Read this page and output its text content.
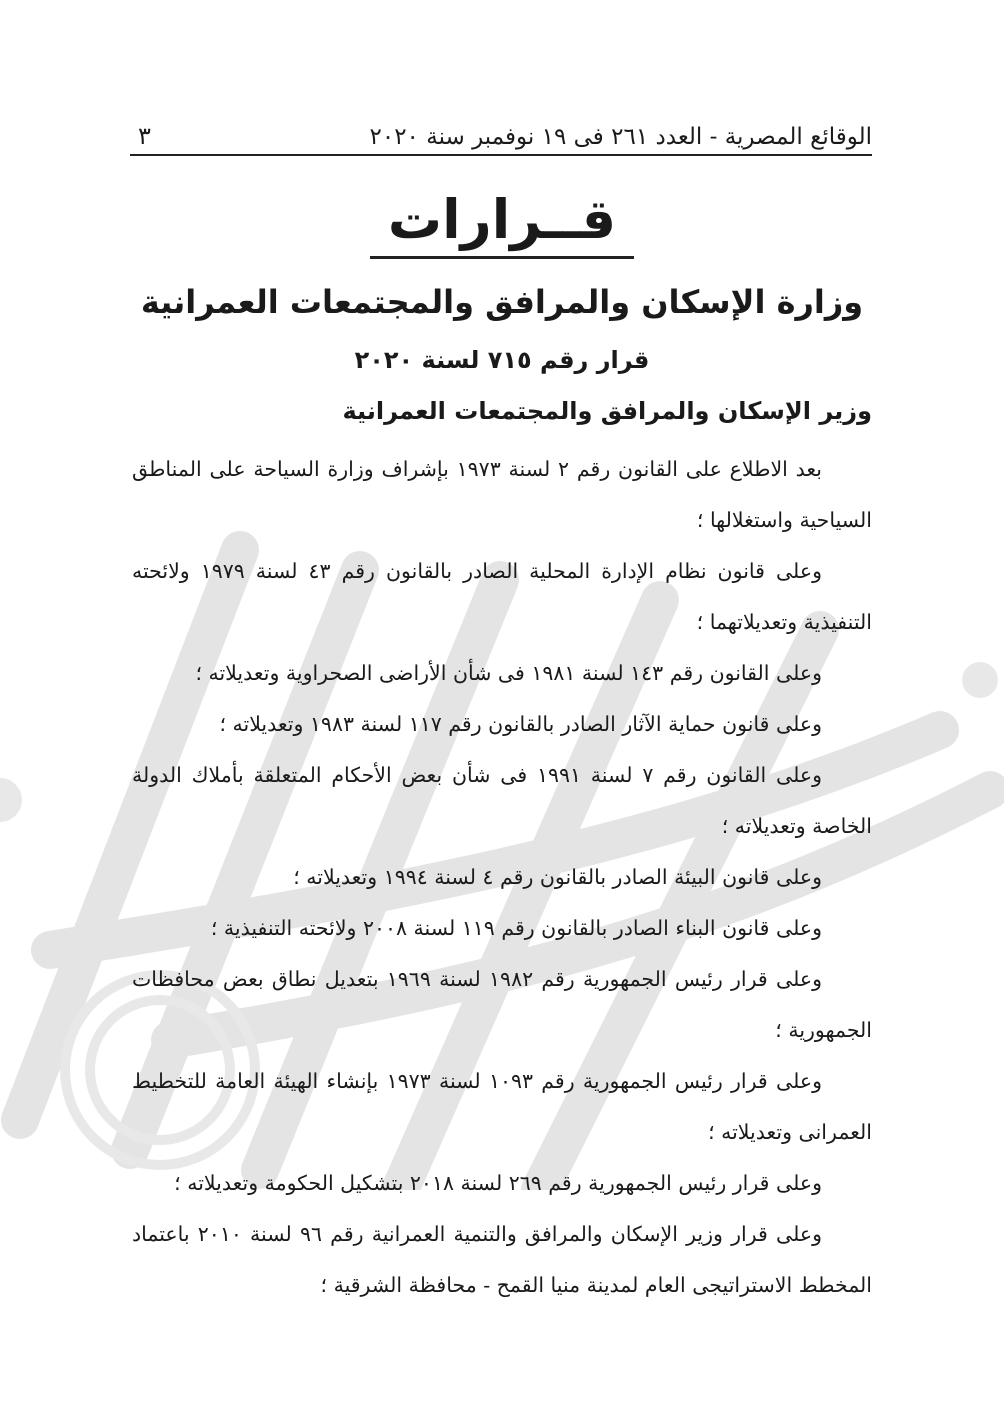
الوقائع المصرية - العدد ٢٦١ فى ١٩ نوفمبر سنة ٢٠٢٠
٣
قــرارات
وزارة الإسكان والمرافق والمجتمعات العمرانية
قرار رقم ٧١٥ لسنة ٢٠٢٠
وزير الإسكان والمرافق والمجتمعات العمرانية

بعد الاطلاع على القانون رقم ٢ لسنة ١٩٧٣ بإشراف وزارة السياحة على المناطق السياحية واستغلالها ؛

وعلى قانون نظام الإدارة المحلية الصادر بالقانون رقم ٤٣ لسنة ١٩٧٩ ولائحته التنفيذية وتعديلاتهما ؛

وعلى القانون رقم ١٤٣ لسنة ١٩٨١ فى شأن الأراضى الصحراوية وتعديلاته ؛

وعلى قانون حماية الآثار الصادر بالقانون رقم ١١٧ لسنة ١٩٨٣ وتعديلاته ؛

وعلى القانون رقم ٧ لسنة ١٩٩١ فى شأن بعض الأحكام المتعلقة بأملاك الدولة الخاصة وتعديلاته ؛

وعلى قانون البيئة الصادر بالقانون رقم ٤ لسنة ١٩٩٤ وتعديلاته ؛

وعلى قانون البناء الصادر بالقانون رقم ١١٩ لسنة ٢٠٠٨ ولائحته التنفيذية ؛

وعلى قرار رئيس الجمهورية رقم ١٩٨٢ لسنة ١٩٦٩ بتعديل نطاق بعض محافظات الجمهورية ؛

وعلى قرار رئيس الجمهورية رقم ١٠٩٣ لسنة ١٩٧٣ بإنشاء الهيئة العامة للتخطيط العمرانى وتعديلاته ؛

وعلى قرار رئيس الجمهورية رقم ٢٦٩ لسنة ٢٠١٨ بتشكيل الحكومة وتعديلاته ؛

وعلى قرار وزير الإسكان والمرافق والتنمية العمرانية رقم ٩٦ لسنة ٢٠١٠ باعتماد المخطط الاستراتيجى العام لمدينة منيا القمح - محافظة الشرقية ؛
